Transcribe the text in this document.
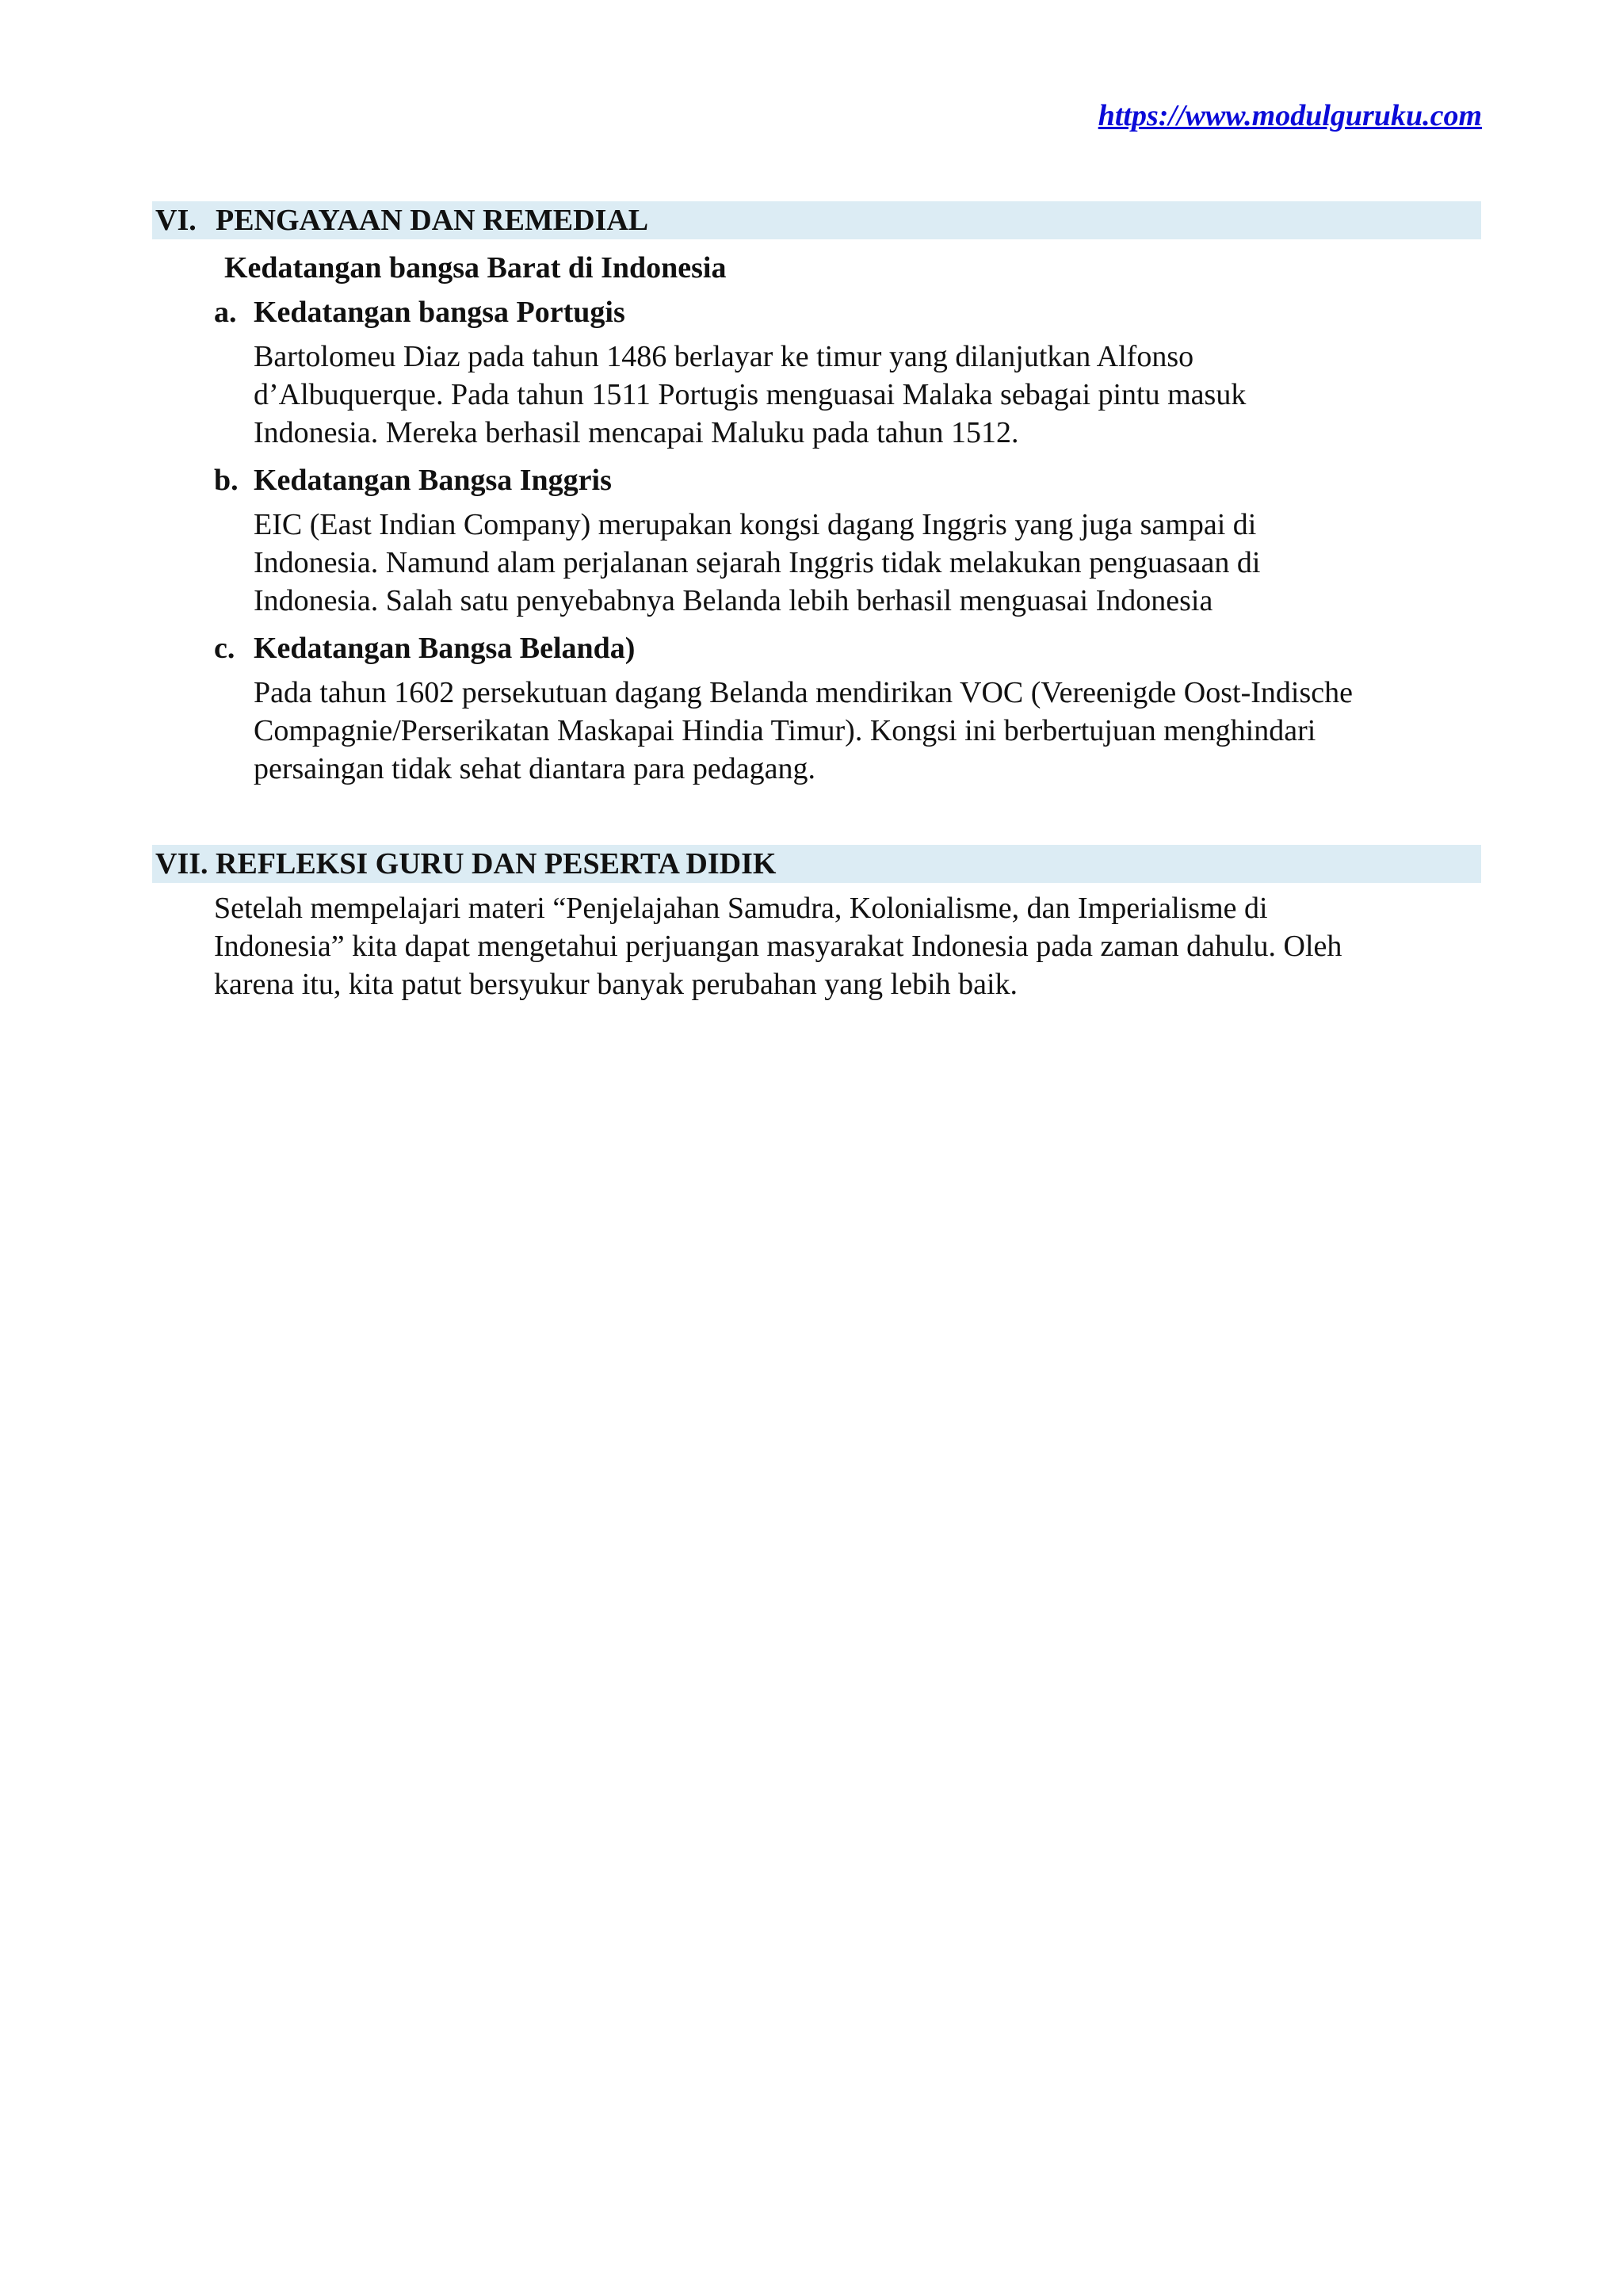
https://www.modulguruku.com
VI. PENGAYAAN DAN REMEDIAL
Kedatangan bangsa Barat di Indonesia
a. Kedatangan bangsa Portugis
Bartolomeu Diaz pada tahun 1486 berlayar ke timur yang dilanjutkan Alfonso
d’Albuquerque. Pada tahun 1511 Portugis menguasai Malaka sebagai pintu masuk
Indonesia. Mereka berhasil mencapai Maluku pada tahun 1512.
b. Kedatangan Bangsa Inggris
EIC (East Indian Company) merupakan kongsi dagang Inggris yang juga sampai di
Indonesia. Namund alam perjalanan sejarah Inggris tidak melakukan penguasaan di
Indonesia. Salah satu penyebabnya Belanda lebih berhasil menguasai Indonesia
c. Kedatangan Bangsa Belanda)
Pada tahun 1602 persekutuan dagang Belanda mendirikan VOC (Vereenigde Oost-Indische
Compagnie/Perserikatan Maskapai Hindia Timur). Kongsi ini berbertujuan menghindari
persaingan tidak sehat diantara para pedagang.
VII. REFLEKSI GURU DAN PESERTA DIDIK
Setelah mempelajari materi “Penjelajahan Samudra, Kolonialisme, dan Imperialisme di
Indonesia” kita dapat mengetahui perjuangan masyarakat Indonesia pada zaman dahulu. Oleh
karena itu, kita patut bersyukur banyak perubahan yang lebih baik.
